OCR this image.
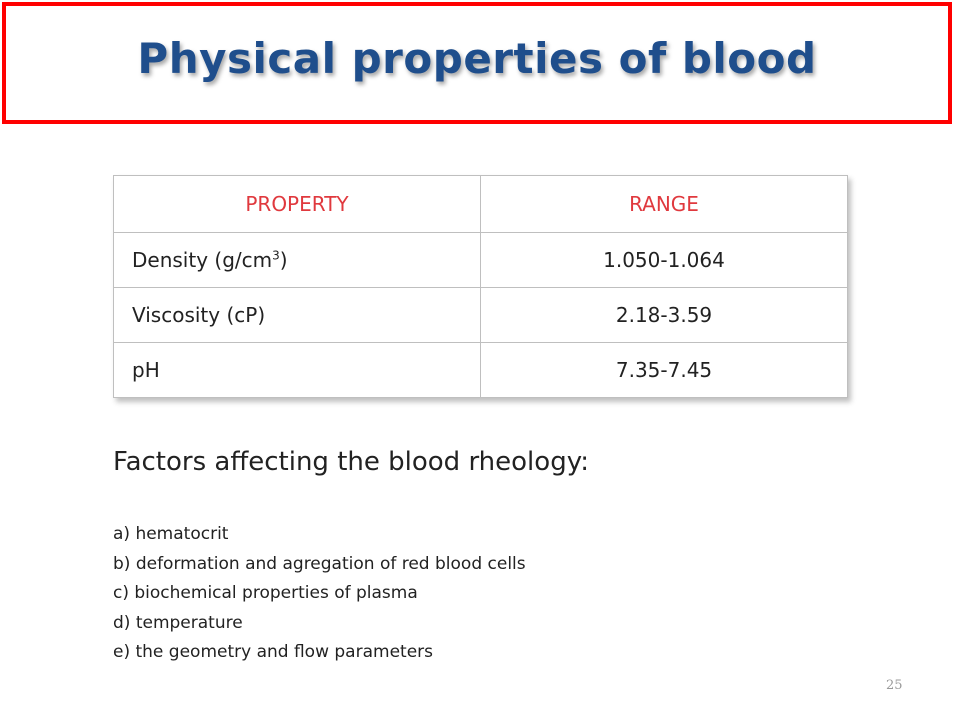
Physical properties of blood
PROPERTY	RANGE
Density $(g/cm^3)$	1.050-1.064
Viscosity (cP)	2.18-3.59
pH	7.35-7.45
Factors affecting the blood rheology:
a) hematocrit
b) deformation and agregation of red blood cells
c) biochemical properties of plasma
d) temperature
e) the geometry and flow parameters
25
